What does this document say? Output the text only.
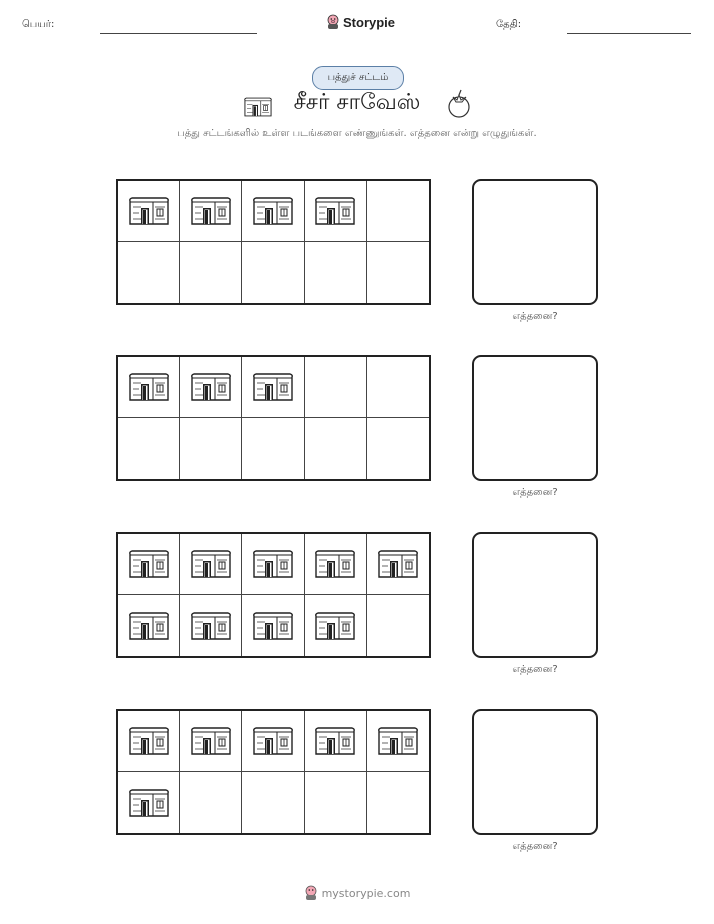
பெயர்:	Storypie	தேதி:
பத்துச் சட்டம்
சீசர் சாவேஸ்
பத்து சட்டங்களில் உள்ள படங்களை எண்ணுங்கள். எத்தனை என்று எழுதுங்கள்.
எத்தனை?
எத்தனை?
எத்தனை?
எத்தனை?
mystorypie.com
